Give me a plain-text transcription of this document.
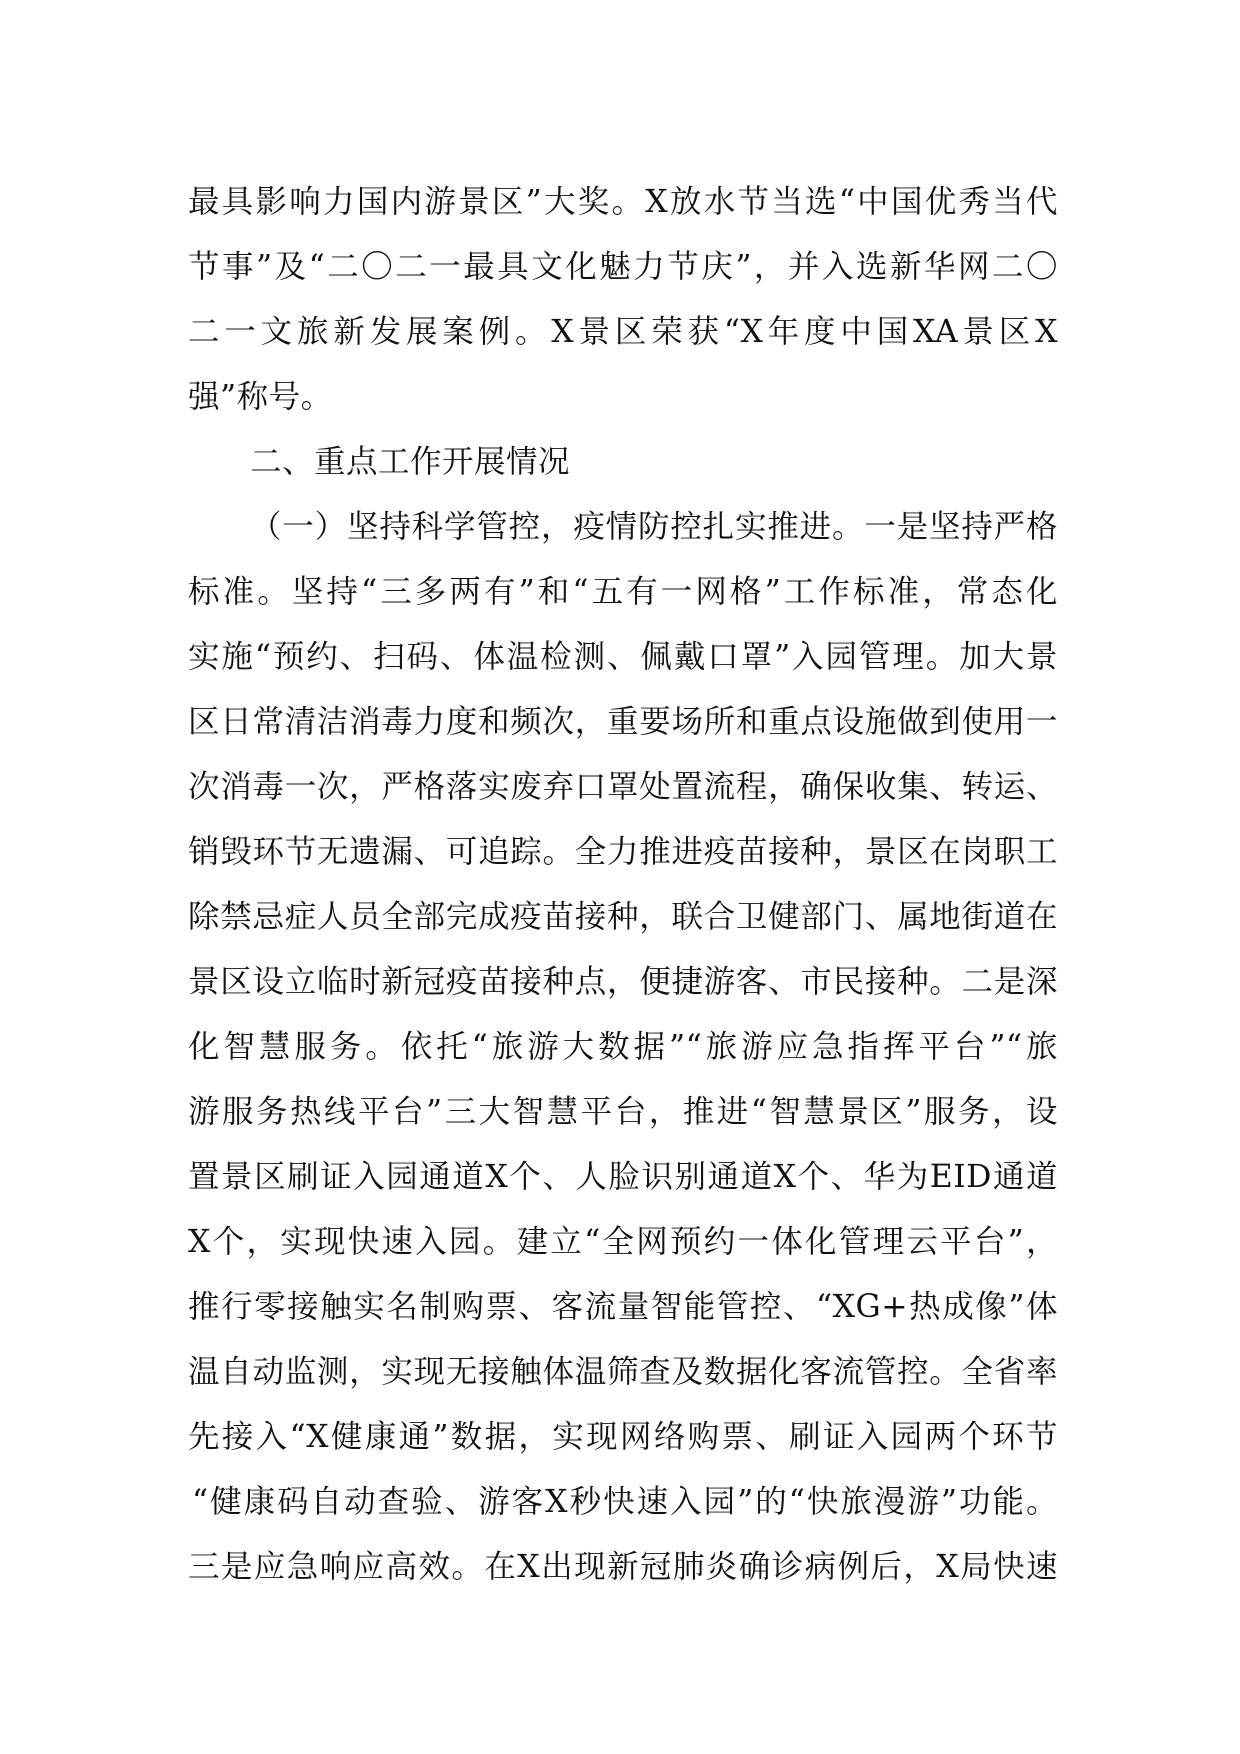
最具影响力国内游景区”大奖。X放水节当选“中国优秀当代
节事”及“二〇二一最具文化魅力节庆”，并入选新华网二〇
二一文旅新发展案例。X景区荣获“X年度中国XA景区X
强”称号。
二、重点工作开展情况
（一）坚持科学管控，疫情防控扎实推进。一是坚持严格
标准。坚持“三多两有”和“五有一网格”工作标准，常态化
实施“预约、扫码、体温检测、佩戴口罩”入园管理。加大景
区日常清洁消毒力度和频次，重要场所和重点设施做到使用一
次消毒一次，严格落实废弃口罩处置流程，确保收集、转运、
销毁环节无遗漏、可追踪。全力推进疫苗接种，景区在岗职工
除禁忌症人员全部完成疫苗接种，联合卫健部门、属地街道在
景区设立临时新冠疫苗接种点，便捷游客、市民接种。二是深
化智慧服务。依托“旅游大数据”“旅游应急指挥平台”“旅
游服务热线平台”三大智慧平台，推进“智慧景区”服务，设
置景区刷证入园通道X个、人脸识别通道X个、华为EID通道
X个，实现快速入园。建立“全网预约一体化管理云平台”，
推行零接触实名制购票、客流量智能管控、“XG+热成像”体
温自动监测，实现无接触体温筛查及数据化客流管控。全省率
先接入“X健康通”数据，实现网络购票、刷证入园两个环节
“健康码自动查验、游客X秒快速入园”的“快旅漫游”功能。
三是应急响应高效。在X出现新冠肺炎确诊病例后，X局快速
